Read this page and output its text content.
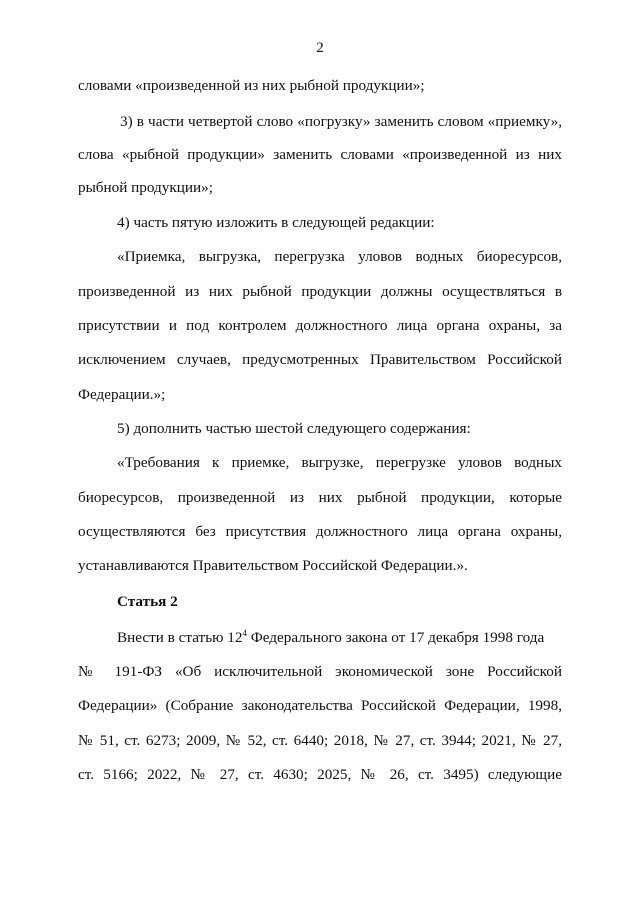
2
словами «произведенной из них рыбной продукции»;
3) в части четвертой слово «погрузку» заменить словом «приемку»,
слова «рыбной продукции» заменить словами «произведенной из них
рыбной продукции»;
4) часть пятую изложить в следующей редакции:
«Приемка, выгрузка, перегрузка уловов водных биоресурсов,
произведенной из них рыбной продукции должны осуществляться в
присутствии и под контролем должностного лица органа охраны, за
исключением случаев, предусмотренных Правительством Российской
Федерации.»;
5) дополнить частью шестой следующего содержания:
«Требования к приемке, выгрузке, перегрузке уловов водных
биоресурсов, произведенной из них рыбной продукции, которые
осуществляются без присутствия должностного лица органа охраны,
устанавливаются Правительством Российской Федерации.».
Статья 2
Внести в статью $12^4$ Федерального закона от 17 декабря 1998 года
№ 191-ФЗ «Об исключительной экономической зоне Российской
Федерации» (Собрание законодательства Российской Федерации, 1998,
№ 51, ст. 6273; 2009, № 52, ст. 6440; 2018, № 27, ст. 3944; 2021, № 27,
ст. 5166; 2022, № 27, ст. 4630; 2025, № 26, ст. 3495) следующие
